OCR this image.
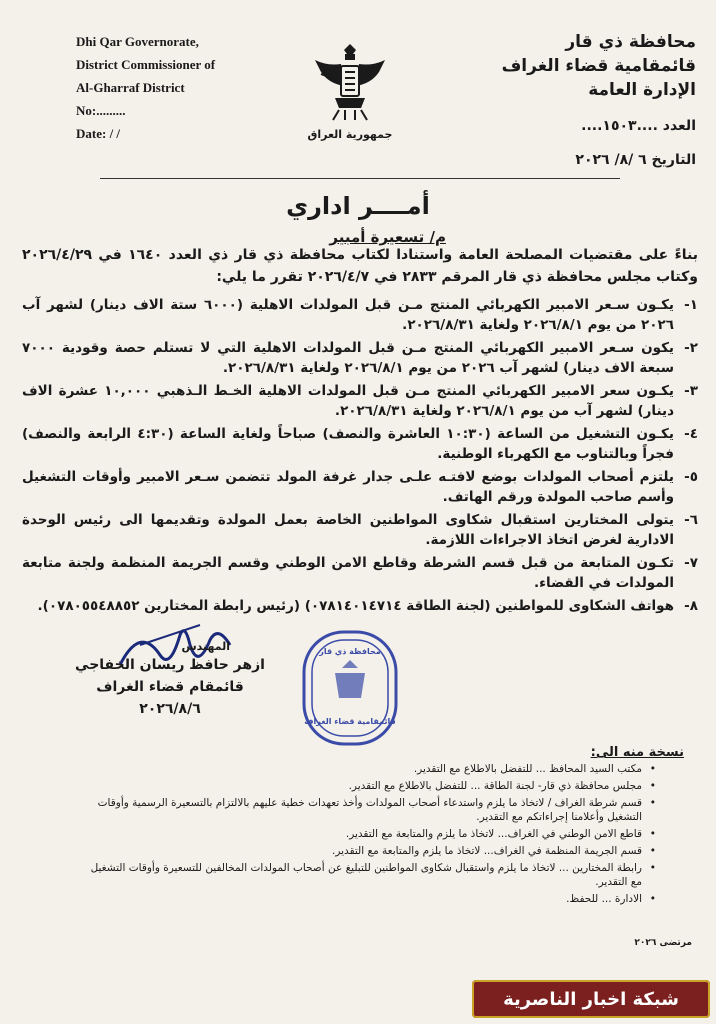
Dhi Qar Governorate,
District Commissioner of
Al-Gharraf District
No:.........
Date: / /	جمهورية العراق
محافظة ذي قار
قائمقامية قضاء الغراف
الإدارة العامة
العدد ....١٥٠٣....
التاريخ ٦ /٨/ ٢٠٢٦
أمــــر اداري
م/ تسعيرة أمبير
بناءً على مقتضيات المصلحة العامة واستنادا لكتاب محافظة ذي قار ذي العدد ١٦٤٠ في ٢٠٢٦/٤/٢٩ وكتاب مجلس محافظة ذي قار المرقم ٢٨٣٣ في ٢٠٢٦/٤/٧ تقرر ما يلي:
١-
يكـون سـعر الامبير الكهربائي المنتج مـن قبل المولدات الاهلية (٦٠٠٠ ستة الاف دينار) لشهر آب ٢٠٢٦ من يوم ٢٠٢٦/٨/١ ولغاية ٢٠٢٦/٨/٣١.
٢-
يكون سـعر الامبير الكهربائي المنتج مـن قبل المولدات الاهلية التي لا تستلم حصة وقودية ٧٠٠٠ سبعة الاف دينار) لشهر آب ٢٠٢٦ من يوم ٢٠٢٦/٨/١ ولغاية ٢٠٢٦/٨/٣١.
٣-
يكـون سعر الامبير الكهربائي المنتج مـن قبل المولدات الاهلية الخـط الـذهبي ١٠,٠٠٠ عشرة الاف دينار) لشهر آب من يوم ٢٠٢٦/٨/١ ولغاية ٢٠٢٦/٨/٣١.
٤-
يكـون التشغيل من الساعة (١٠:٣٠ العاشرة والنصف) صباحاً ولغاية الساعة (٤:٣٠ الرابعة والنصف) فجراً وبالتناوب مع الكهرباء الوطنية.
٥-
يلتزم أصحاب المولدات بوضع لافتـه علـى جدار غرفة المولد تتضمن سـعر الامبير وأوقات التشغيل وأسم صاحب المولدة ورقم الهاتف.
٦-
يتولى المختارين استقبال شكاوى المواطنين الخاصة بعمل المولدة وتقديمها الى رئيس الوحدة الادارية لغرض اتخاذ الاجراءات اللازمة.
٧-
تكـون المتابعة من قبل قسم الشرطة وقاطع الامن الوطني وقسم الجريمة المنظمة ولجنة متابعة المولدات في القضاء.
٨-
هواتف الشكاوى للمواطنين (لجنة الطاقة ٠٧٨١٤٠١٤٧١٤) (رئيس رابطة المختارين ٠٧٨٠٥٥٤٨٨٥٢).
المهندس
ازهر حافظ ريسان الخفاجي
قائمقام قضاء الغراف
٢٠٢٦/٨/٦
محافظة ذي قار
قائمقامية قضاء الغراف
نسخة منه الى:
• مكتب السيد المحافظ ... للتفضل بالاطلاع مع التقدير.
• مجلس محافظة ذي قار- لجنة الطاقة ... للتفضل بالاطلاع مع التقدير.
• قسم شرطة الغراف / لاتخاذ ما يلزم واستدعاء أصحاب المولدات وأخذ تعهدات خطية عليهم بالالتزام بالتسعيرة الرسمية وأوقات التشغيل وأعلامنا إجراءاتكم مع التقدير.
• قاطع الامن الوطني في الغراف... لاتخاذ ما يلزم والمتابعة مع التقدير.
• قسم الجريمة المنظمة في الغراف... لاتخاذ ما يلزم والمتابعة مع التقدير.
• رابطة المختارين ... لاتخاذ ما يلزم واستقبال شكاوى المواطنين للتبليغ عن أصحاب المولدات المخالفين للتسعيرة وأوقات التشغيل مع التقدير.
• الادارة ... للحفظ.
مرتضى ٢٠٢٦
شبكة اخبار الناصرية
